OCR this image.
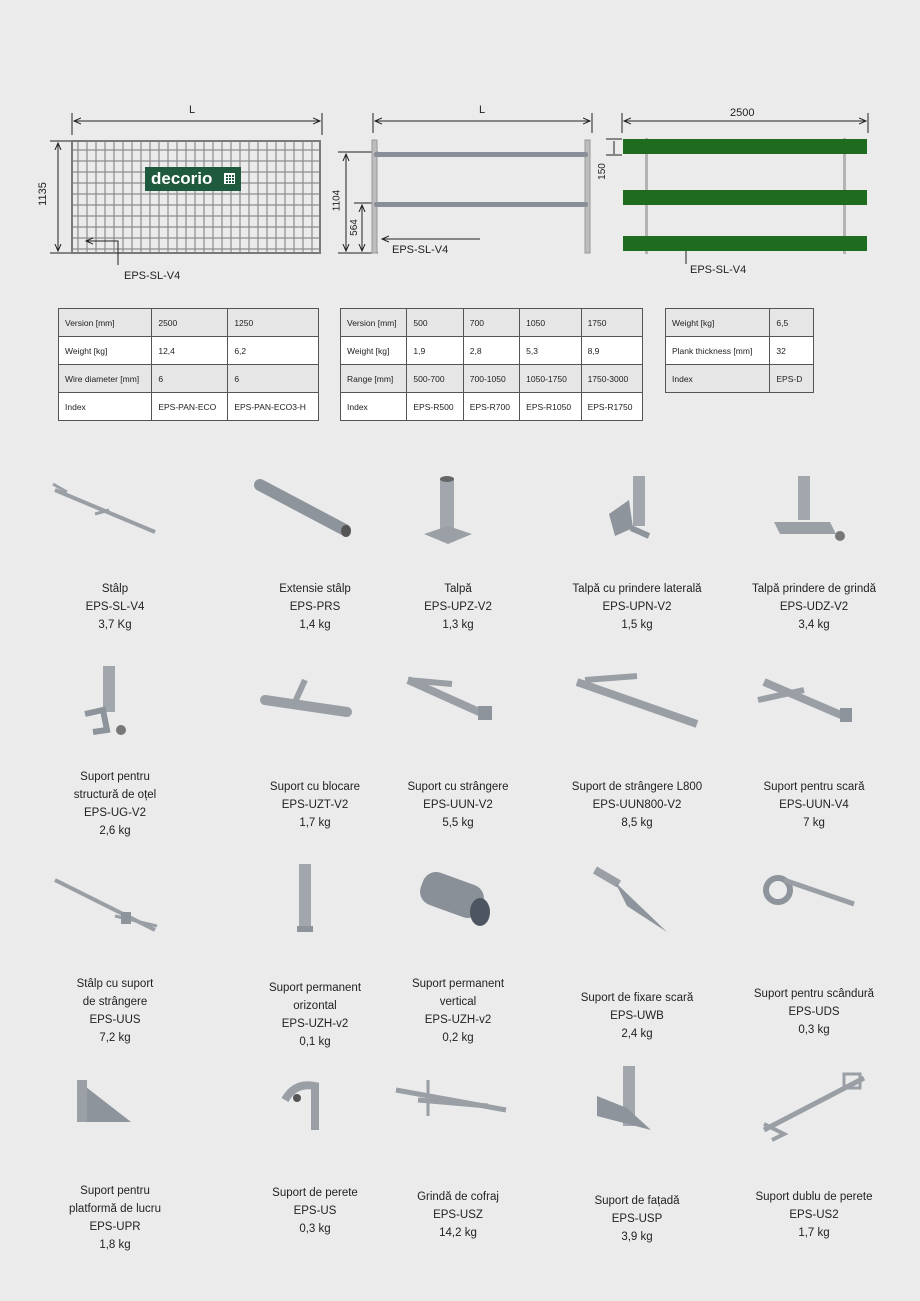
L
1135
decorio
EPS-SL-V4
L
1104
564
EPS-SL-V4
2500
150
EPS-SL-V4
Version [mm]	2500	1250
Weight [kg]	12,4	6,2
Wire diameter [mm]	6	6
Index	EPS-PAN-ECO	EPS-PAN-ECO3-H
Version [mm]	500	700	1050	1750
Weight [kg]	1,9	2,8	5,3	8,9
Range [mm]	500-700	700-1050	1050-1750	1750-3000
Index	EPS-R500	EPS-R700	EPS-R1050	EPS-R1750
Weight [kg]	6,5
Plank thickness [mm]	32
Index	EPS-D
Stâlp
EPS-SL-V4
3,7 Kg
Extensie stâlp
EPS-PRS
1,4 kg
Talpă
EPS-UPZ-V2
1,3 kg
Talpă cu prindere laterală
EPS-UPN-V2
1,5 kg
Talpă prindere de grindă
EPS-UDZ-V2
3,4 kg
Suport pentru
structură de oțel
EPS-UG-V2
2,6 kg
Suport cu blocare
EPS-UZT-V2
1,7 kg
Suport cu strângere
EPS-UUN-V2
5,5 kg
Suport de strângere L800
EPS-UUN800-V2
8,5 kg
Suport pentru scară
EPS-UUN-V4
7 kg
Stâlp cu suport
de strângere
EPS-UUS
7,2 kg
Suport permanent
orizontal
EPS-UZH-v2
0,1 kg
Suport permanent
vertical
EPS-UZH-v2
0,2 kg
Suport de fixare scară
EPS-UWB
2,4 kg
Suport pentru scândură
EPS-UDS
0,3 kg
Suport pentru
platformă de lucru
EPS-UPR
1,8 kg
Suport de perete
EPS-US
0,3 kg
Grindă de cofraj
EPS-USZ
14,2 kg
Suport de fațadă
EPS-USP
3,9 kg
Suport dublu de perete
EPS-US2
1,7 kg
